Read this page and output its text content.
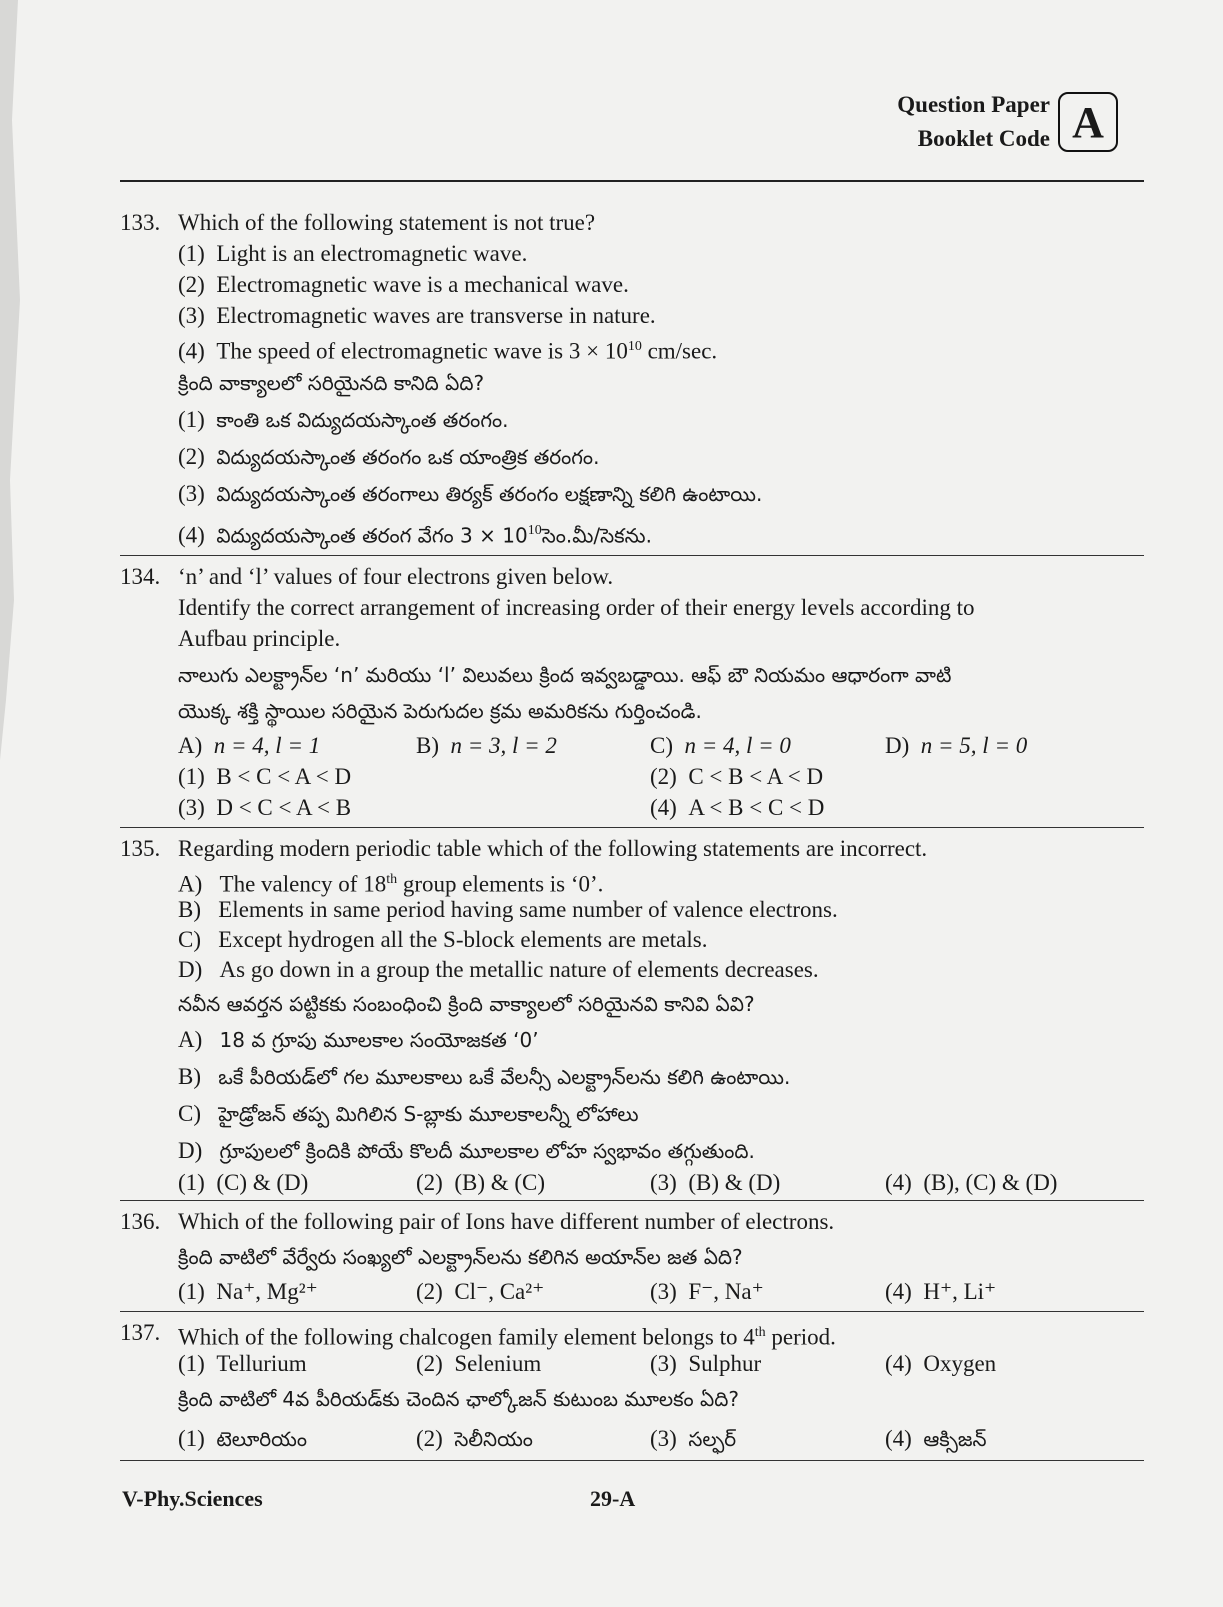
Question Paper
Booklet Code A
133. Which of the following statement is not true?
(1) Light is an electromagnetic wave.
(2) Electromagnetic wave is a mechanical wave.
(3) Electromagnetic waves are transverse in nature.
(4) The speed of electromagnetic wave is $3 \times 10^{10}$ cm/sec.
క్రింది వాక్యాలలో సరియైనది కానిది ఏది?
(1) కాంతి ఒక విద్యుదయస్కాంత తరంగం.
(2) విద్యుదయస్కాంత తరంగం ఒక యాంత్రిక తరంగం.
(3) విద్యుదయస్కాంత తరంగాలు తిర్యక్ తరంగం లక్షణాన్ని కలిగి ఉంటాయి.
(4) విద్యుదయస్కాంత తరంగ వేగం $3 \times 10^{10}సెం.మీ/సెకను$.
134. ‘n’ and ‘l’ values of four electrons given below.
Identify the correct arrangement of increasing order of their energy levels according to
Aufbau principle.
నాలుగు ఎలక్ట్రాన్‌ల ‘n’ మరియు ‘l’ విలువలు క్రింద ఇవ్వబడ్డాయి. ఆఫ్ బౌ నియమం ఆధారంగా వాటి
యొక్క శక్తి స్థాయిల సరియైన పెరుగుదల క్రమ అమరికను గుర్తించండి.
A) n = 4, l = 1	B) n = 3, l = 2	C) n = 4, l = 0	D) n = 5, l = 0
(1) B < C < A < D	(2) C < B < A < D
(3) D < C < A < B	(4) A < B < C < D
135. Regarding modern periodic table which of the following statements are incorrect.
A) The valency of 18th group elements is ‘0’.
B) Elements in same period having same number of valence electrons.
C) Except hydrogen all the S-block elements are metals.
D) As go down in a group the metallic nature of elements decreases.
నవీన ఆవర్తన పట్టికకు సంబంధించి క్రింది వాక్యాలలో సరియైనవి కానివి ఏవి?
A) 18 వ గ్రూపు మూలకాల సంయోజకత ‘0’
B) ఒకే పీరియడ్‌లో గల మూలకాలు ఒకే వేలన్సీ ఎలక్ట్రాన్‌లను కలిగి ఉంటాయి.
C) హైడ్రోజన్ తప్ప మిగిలిన S-బ్లాకు మూలకాలన్నీ లోహాలు
D) గ్రూపులలో క్రిందికి పోయే కొలదీ మూలకాల లోహ స్వభావం తగ్గుతుంది.
(1) (C) & (D)	(2) (B) & (C)	(3) (B) & (D)	(4) (B), (C) & (D)
136. Which of the following pair of Ions have different number of electrons.
క్రింది వాటిలో వేర్వేరు సంఖ్యలో ఎలక్ట్రాన్‌లను కలిగిన అయాన్‌ల జత ఏది?
(1) Na⁺, Mg²⁺	(2) Cl⁻, Ca²⁺	(3) F⁻, Na⁺	(4) H⁺, Li⁺
137. Which of the following chalcogen family element belongs to 4th period.
(1) Tellurium	(2) Selenium	(3) Sulphur	(4) Oxygen
క్రింది వాటిలో 4వ పీరియడ్‌కు చెందిన ఛాల్కోజన్ కుటుంబ మూలకం ఏది?
(1) టెలూరియం	(2) సెలీనియం	(3) సల్ఫర్	(4) ఆక్సిజన్
V-Phy.Sciences	29-A
